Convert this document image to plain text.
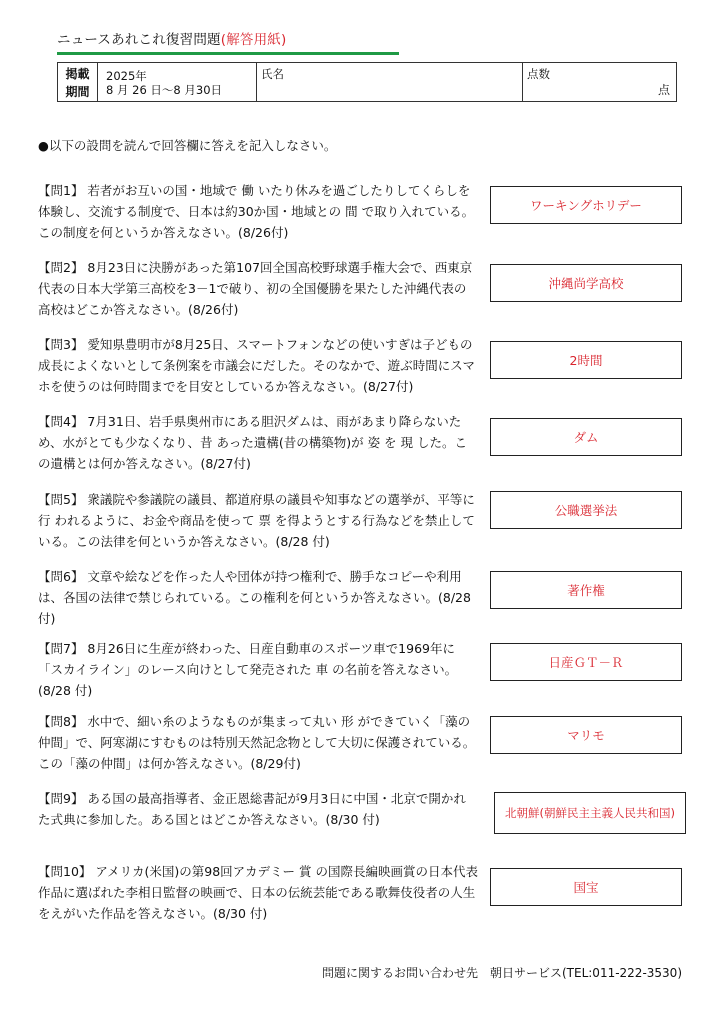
ニュースあれこれ復習問題(解答用紙)
掲載
期間
2025年
8 月 26 日～8 月30日
氏名	点数
点
●以下の設問を読んで回答欄に答えを記入しなさい。
【問1】 若者がお互いの国・地域で 働 いたり休みを過ごしたりしてくらしを体験し、交流する制度で、日本は約30か国・地域との 間 で取り入れている。この制度を何というか答えなさい。(8/26付)
ワーキングホリデー
【問2】 8月23日に決勝があった第107回全国高校野球選手権大会で、西東京代表の日本大学第三高校を3－1で破り、初の全国優勝を果たした沖縄代表の高校はどこか答えなさい。(8/26付)
沖縄尚学高校
【問3】 愛知県豊明市が8月25日、スマートフォンなどの使いすぎは子どもの成長によくないとして条例案を市議会にだした。そのなかで、遊ぶ時間にスマホを使うのは何時間までを目安としているか答えなさい。(8/27付)
2時間
【問4】 7月31日、岩手県奥州市にある胆沢ダムは、雨があまり降らないため、水がとても少なくなり、昔 あった遺構(昔の構築物)が 姿 を 現 した。この遺構とは何か答えなさい。(8/27付)
ダム
【問5】 衆議院や参議院の議員、都道府県の議員や知事などの選挙が、平等に 行 われるように、お金や商品を使って 票 を得ようとする行為などを禁止している。この法律を何というか答えなさい。(8/28 付)
公職選挙法
【問6】 文章や絵などを作った人や団体が持つ権利で、勝手なコピーや利用は、各国の法律で禁じられている。この権利を何というか答えなさい。(8/28 付)
著作権
【問7】 8月26日に生産が終わった、日産自動車のスポーツ車で1969年に「スカイライン」のレース向けとして発売された 車 の名前を答えなさい。(8/28 付)
日産ＧＴ－Ｒ
【問8】 水中で、細い糸のようなものが集まって丸い 形 ができていく「藻の仲間」で、阿寒湖にすむものは特別天然記念物として大切に保護されている。この「藻の仲間」は何か答えなさい。(8/29付)
マリモ
【問9】 ある国の最高指導者、金正恩総書記が9月3日に中国・北京で開かれた式典に参加した。ある国とはどこか答えなさい。(8/30 付)	北朝鮮(朝鮮民主主義人民共和国)
【問10】 アメリカ(米国)の第98回アカデミー 賞 の国際長編映画賞の日本代表作品に選ばれた李相日監督の映画で、日本の伝統芸能である歌舞伎役者の人生をえがいた作品を答えなさい。(8/30 付)
国宝
問題に関するお問い合わせ先　朝日サービス(TEL:011-222-3530)
